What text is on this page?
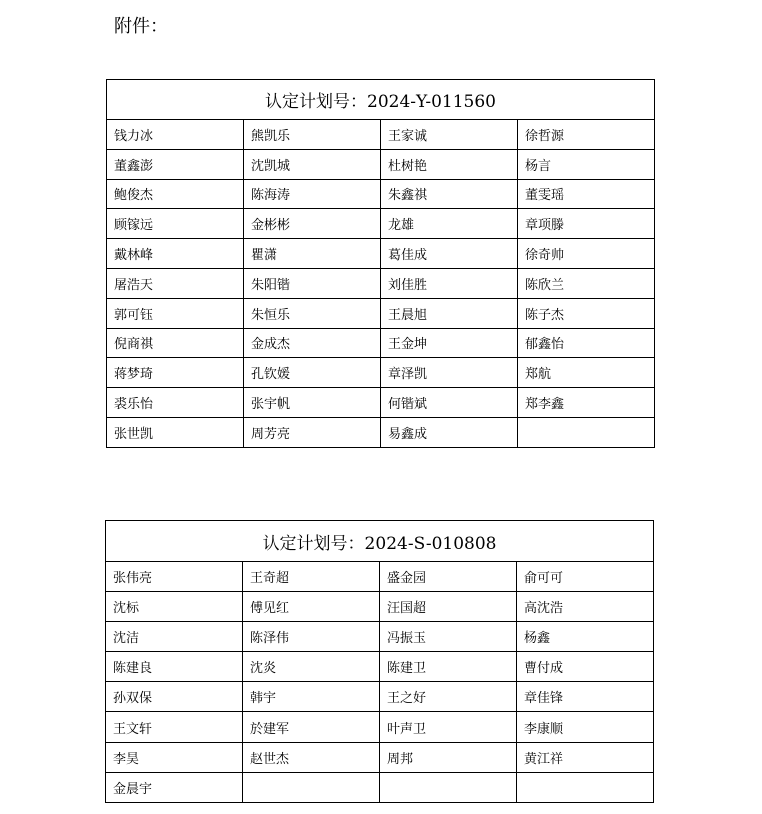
附件：
认定计划号：2024-Y-011560			
钱力冰	熊凯乐	王家诚	徐哲源
董鑫澎	沈凯城	杜树艳	杨言
鲍俊杰	陈海涛	朱鑫祺	董雯瑶
顾镓远	金彬彬	龙雄	章项滕
戴林峰	瞿潇	葛佳成	徐奇帅
屠浩天	朱阳锴	刘佳胜	陈欣兰
郭可钰	朱恒乐	王晨旭	陈子杰
倪商祺	金成杰	王金坤	郁鑫怡
蒋梦琦	孔钦媛	章泽凯	郑航
裘乐怡	张宇帆	何锴斌	郑李鑫
张世凯	周芳亮	易鑫成	
认定计划号：2024-S-010808			
张伟亮	王奇超	盛金园	俞可可
沈标	傅见红	汪国超	高沈浩
沈洁	陈泽伟	冯振玉	杨鑫
陈建良	沈炎	陈建卫	曹付成
孙双保	韩宇	王之好	章佳锋
王文轩	於建军	叶声卫	李康顺
李昊	赵世杰	周邦	黄江祥
金晨宇			
